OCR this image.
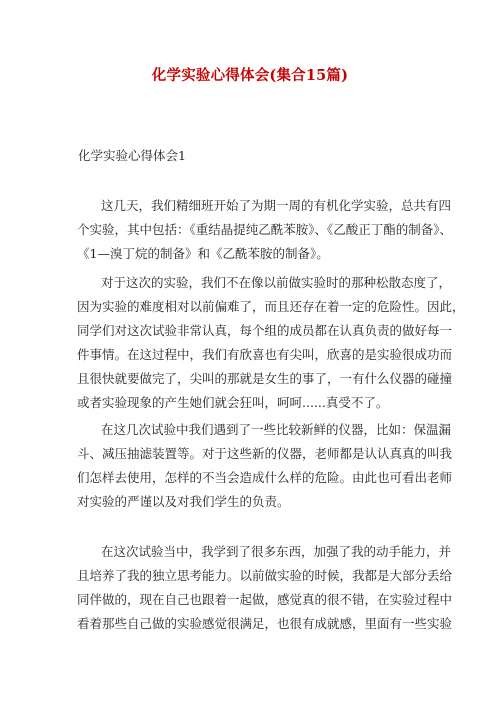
化学实验心得体会(集合15篇)
化学实验心得体会1
这几天，我们精细班开始了为期一周的有机化学实验，总共有四
个实验，其中包括：《重结晶提纯乙酰苯胺》、《乙酸正丁酯的制备》、
《1—溴丁烷的制备》和《乙酰苯胺的制备》。
对于这次的实验，我们不在像以前做实验时的那种松散态度了，
因为实验的难度相对以前偏难了，而且还存在着一定的危险性。因此，
同学们对这次试验非常认真，每个组的成员都在认真负责的做好每一
件事情。在这过程中，我们有欣喜也有尖叫，欣喜的是实验很成功而
且很快就要做完了，尖叫的那就是女生的事了，一有什么仪器的碰撞
或者实验现象的产生她们就会狂叫，呵呵......真受不了。
在这几次试验中我们遇到了一些比较新鲜的仪器，比如：保温漏
斗、减压抽滤装置等。对于这些新的仪器，老师都是认认真真的叫我
们怎样去使用，怎样的不当会造成什么样的危险。由此也可看出老师
对实验的严谨以及对我们学生的负责。
在这次试验当中，我学到了很多东西，加强了我的动手能力，并
且培养了我的独立思考能力。以前做实验的时候，我都是大部分丢给
同伴做的，现在自己也跟着一起做，感觉真的很不错，在实验过程中
看着那些自己做的实验感觉很满足，也很有成就感，里面有一些实验
